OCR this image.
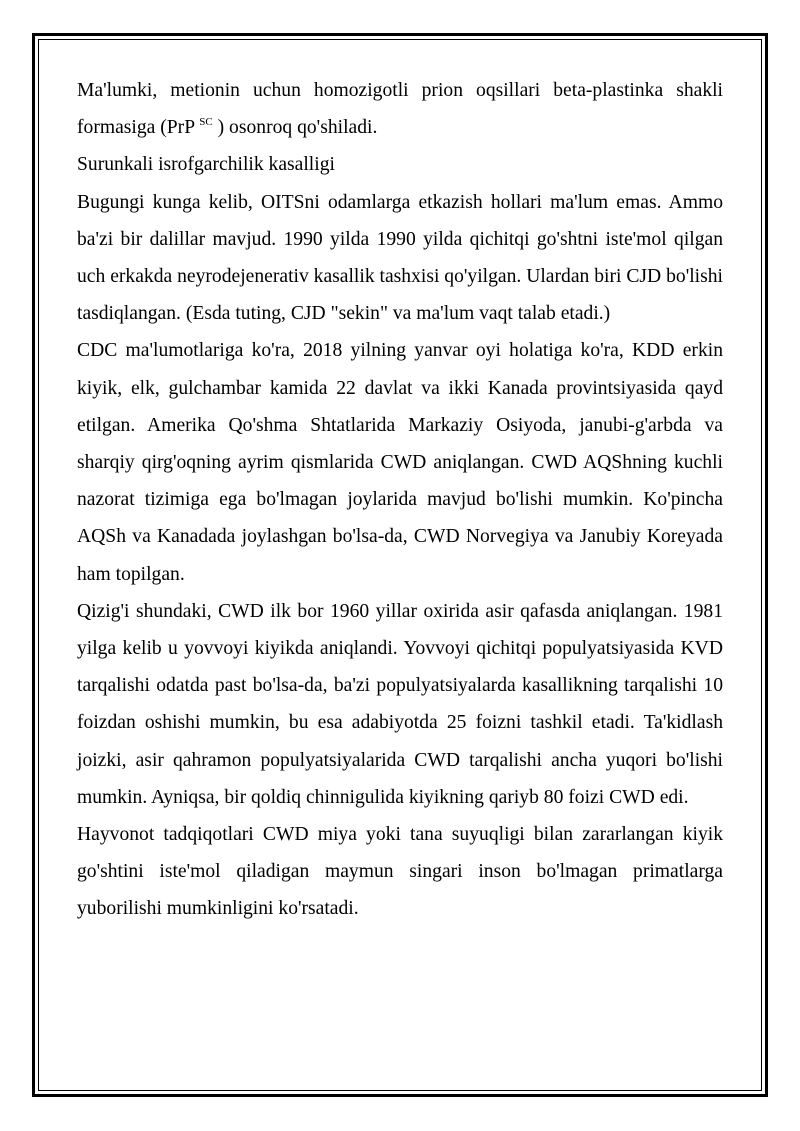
Ma'lumki, metionin uchun homozigotli prion oqsillari beta-plastinka shakli formasiga (PrP $^{SC}$ ) osonroq qo'shiladi.

Surunkali isrofgarchilik kasalligi

Bugungi kunga kelib, OITSni odamlarga etkazish hollari ma'lum emas. Ammo ba'zi bir dalillar mavjud. 1990 yilda 1990 yilda qichitqi go'shtni iste'mol qilgan uch erkakda neyrodejenerativ kasallik tashxisi qo'yilgan. Ulardan biri CJD bo'lishi tasdiqlangan. (Esda tuting, CJD "sekin" va ma'lum vaqt talab etadi.)

CDC ma'lumotlariga ko'ra, 2018 yilning yanvar oyi holatiga ko'ra, KDD erkin kiyik, elk, gulchambar kamida 22 davlat va ikki Kanada provintsiyasida qayd etilgan. Amerika Qo'shma Shtatlarida Markaziy Osiyoda, janubi-g'arbda va sharqiy qirg'oqning ayrim qismlarida CWD aniqlangan. CWD AQShning kuchli nazorat tizimiga ega bo'lmagan joylarida mavjud bo'lishi mumkin. Ko'pincha AQSh va Kanadada joylashgan bo'lsa-da, CWD Norvegiya va Janubiy Koreyada ham topilgan.

Qizig'i shundaki, CWD ilk bor 1960 yillar oxirida asir qafasda aniqlangan. 1981 yilga kelib u yovvoyi kiyikda aniqlandi. Yovvoyi qichitqi populyatsiyasida KVD tarqalishi odatda past bo'lsa-da, ba'zi populyatsiyalarda kasallikning tarqalishi 10 foizdan oshishi mumkin, bu esa adabiyotda 25 foizni tashkil etadi. Ta'kidlash joizki, asir qahramon populyatsiyalarida CWD tarqalishi ancha yuqori bo'lishi mumkin. Ayniqsa, bir qoldiq chinnigulida kiyikning qariyb 80 foizi CWD edi.

Hayvonot tadqiqotlari CWD miya yoki tana suyuqligi bilan zararlangan kiyik go'shtini iste'mol qiladigan maymun singari inson bo'lmagan primatlarga yuborilishi mumkinligini ko'rsatadi.
